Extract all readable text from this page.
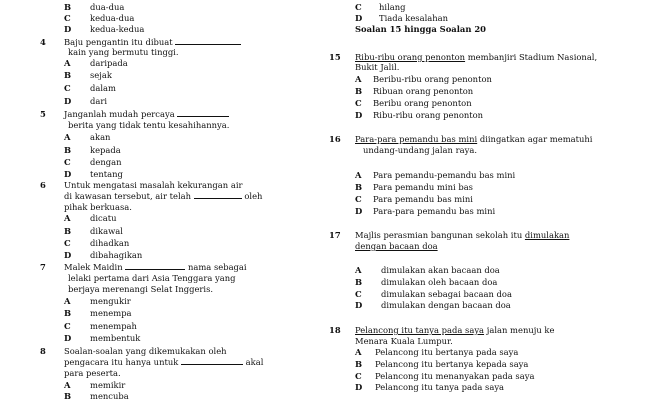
B dua-dua
C kedua-dua
D kedua-kedua
4 Baju pengantin itu dibuat
kain yang bermutu tinggi.
A daripada
B sejak
C dalam
D dari
5 Janganlah mudah percaya
berita yang tidak tentu kesahihannya.
A akan
B kepada
C dengan
D tentang
6 Untuk mengatasi masalah kekurangan air
di kawasan tersebut, air telah	oleh
pihak berkuasa.
A dicatu
B dikawal
C dihadkan
D dibahagikan
7 Malek Maidin	nama sebagai
lelaki pertama dari Asia Tenggara yang
berjaya merenangi Selat Inggeris.
A mengukir
B menempa
C menempah
D membentuk
8 Soalan-soalan yang dikemukakan oleh
pengacara itu hanya untuk	akal
para peserta.
A memikir
B mencuba
C hilang
D Tiada kesalahan
Soalan 15 hingga Soalan 20
15 Ribu-ribu orang penonton membanjiri Stadium Nasional,
Bukit Jalil.
A Beribu-ribu orang penonton
B Ribuan orang penonton
C Beribu orang penonton
D Ribu-ribu orang penonton
16 Para-para pemandu bas mini diingatkan agar mematuhi
undang-undang jalan raya.
A Para pemandu-pemandu bas mini
B Para pemandu mini bas
C Para pemandu bas mini
D Para-para pemandu bas mini
17 Majlis perasmian bangunan sekolah itu dimulakan
dengan bacaan doa
A dimulakan akan bacaan doa
B dimulakan oleh bacaan doa
C dimulakan sebagai bacaan doa
D dimulakan dengan bacaan doa
18 Pelancong itu tanya pada saya jalan menuju ke
Menara Kuala Lumpur.
A Pelancong itu bertanya pada saya
B Pelancong itu bertanya kepada saya
C Pelancong itu menanyakan pada saya
D Pelancong itu tanya pada saya
